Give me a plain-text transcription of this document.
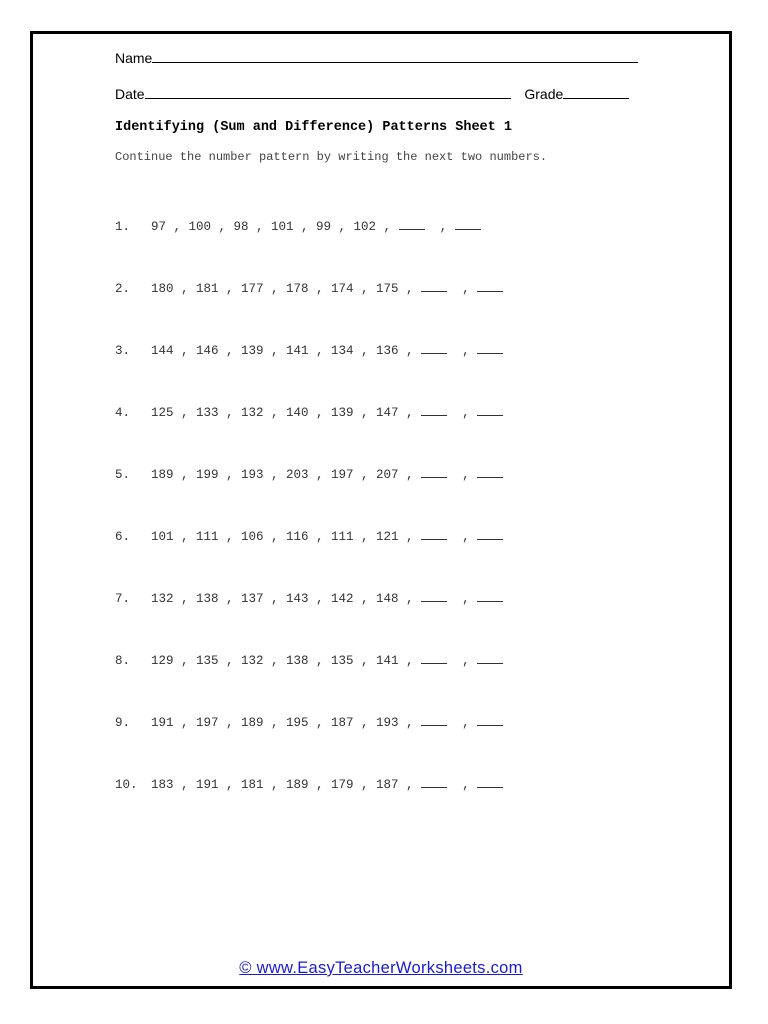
Name
Date	Grade
Identifying (Sum and Difference) Patterns Sheet 1
Continue the number pattern by writing the next two numbers.
© www.EasyTeacherWorksheets.com
1. 97 , 100 , 98 , 101 , 99 , 102 ,	,
2. 180 , 181 , 177 , 178 , 174 , 175 ,	,
3. 144 , 146 , 139 , 141 , 134 , 136 ,	,
4. 125 , 133 , 132 , 140 , 139 , 147 ,	,
5. 189 , 199 , 193 , 203 , 197 , 207 ,	,
6. 101 , 111 , 106 , 116 , 111 , 121 ,	,
7. 132 , 138 , 137 , 143 , 142 , 148 ,	,
8. 129 , 135 , 132 , 138 , 135 , 141 ,	,
9. 191 , 197 , 189 , 195 , 187 , 193 ,	,
10. 183 , 191 , 181 , 189 , 179 , 187 ,	,
